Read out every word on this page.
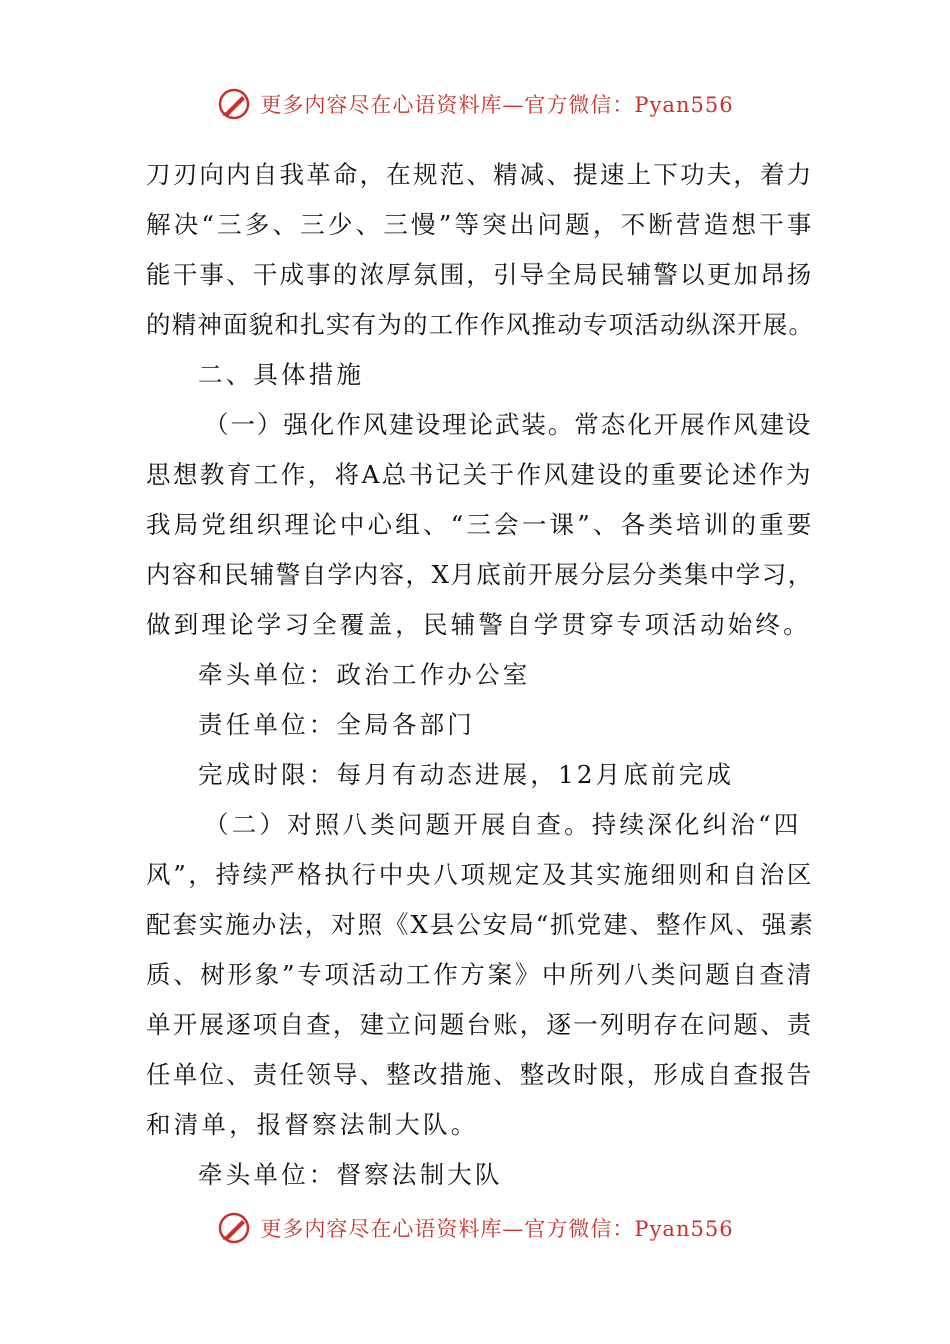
更多内容尽在心语资料库—官方微信：Pyan556
刀刃向内自我革命，在规范、精减、提速上下功夫，着力
解决“三多、三少、三慢”等突出问题，不断营造想干事
能干事、干成事的浓厚氛围，引导全局民辅警以更加昂扬
的精神面貌和扎实有为的工作作风推动专项活动纵深开展。
二、具体措施
（一）强化作风建设理论武装。常态化开展作风建设
思想教育工作，将A总书记关于作风建设的重要论述作为
我局党组织理论中心组、“三会一课”、各类培训的重要
内容和民辅警自学内容，X月底前开展分层分类集中学习，
做到理论学习全覆盖，民辅警自学贯穿专项活动始终。
牵头单位：政治工作办公室
责任单位：全局各部门
完成时限：每月有动态进展，12月底前完成
（二）对照八类问题开展自查。持续深化纠治“四
风”，持续严格执行中央八项规定及其实施细则和自治区
配套实施办法，对照《X县公安局“抓党建、整作风、强素
质、树形象”专项活动工作方案》中所列八类问题自查清
单开展逐项自查，建立问题台账，逐一列明存在问题、责
任单位、责任领导、整改措施、整改时限，形成自查报告
和清单，报督察法制大队。
牵头单位：督察法制大队
更多内容尽在心语资料库—官方微信：Pyan556
